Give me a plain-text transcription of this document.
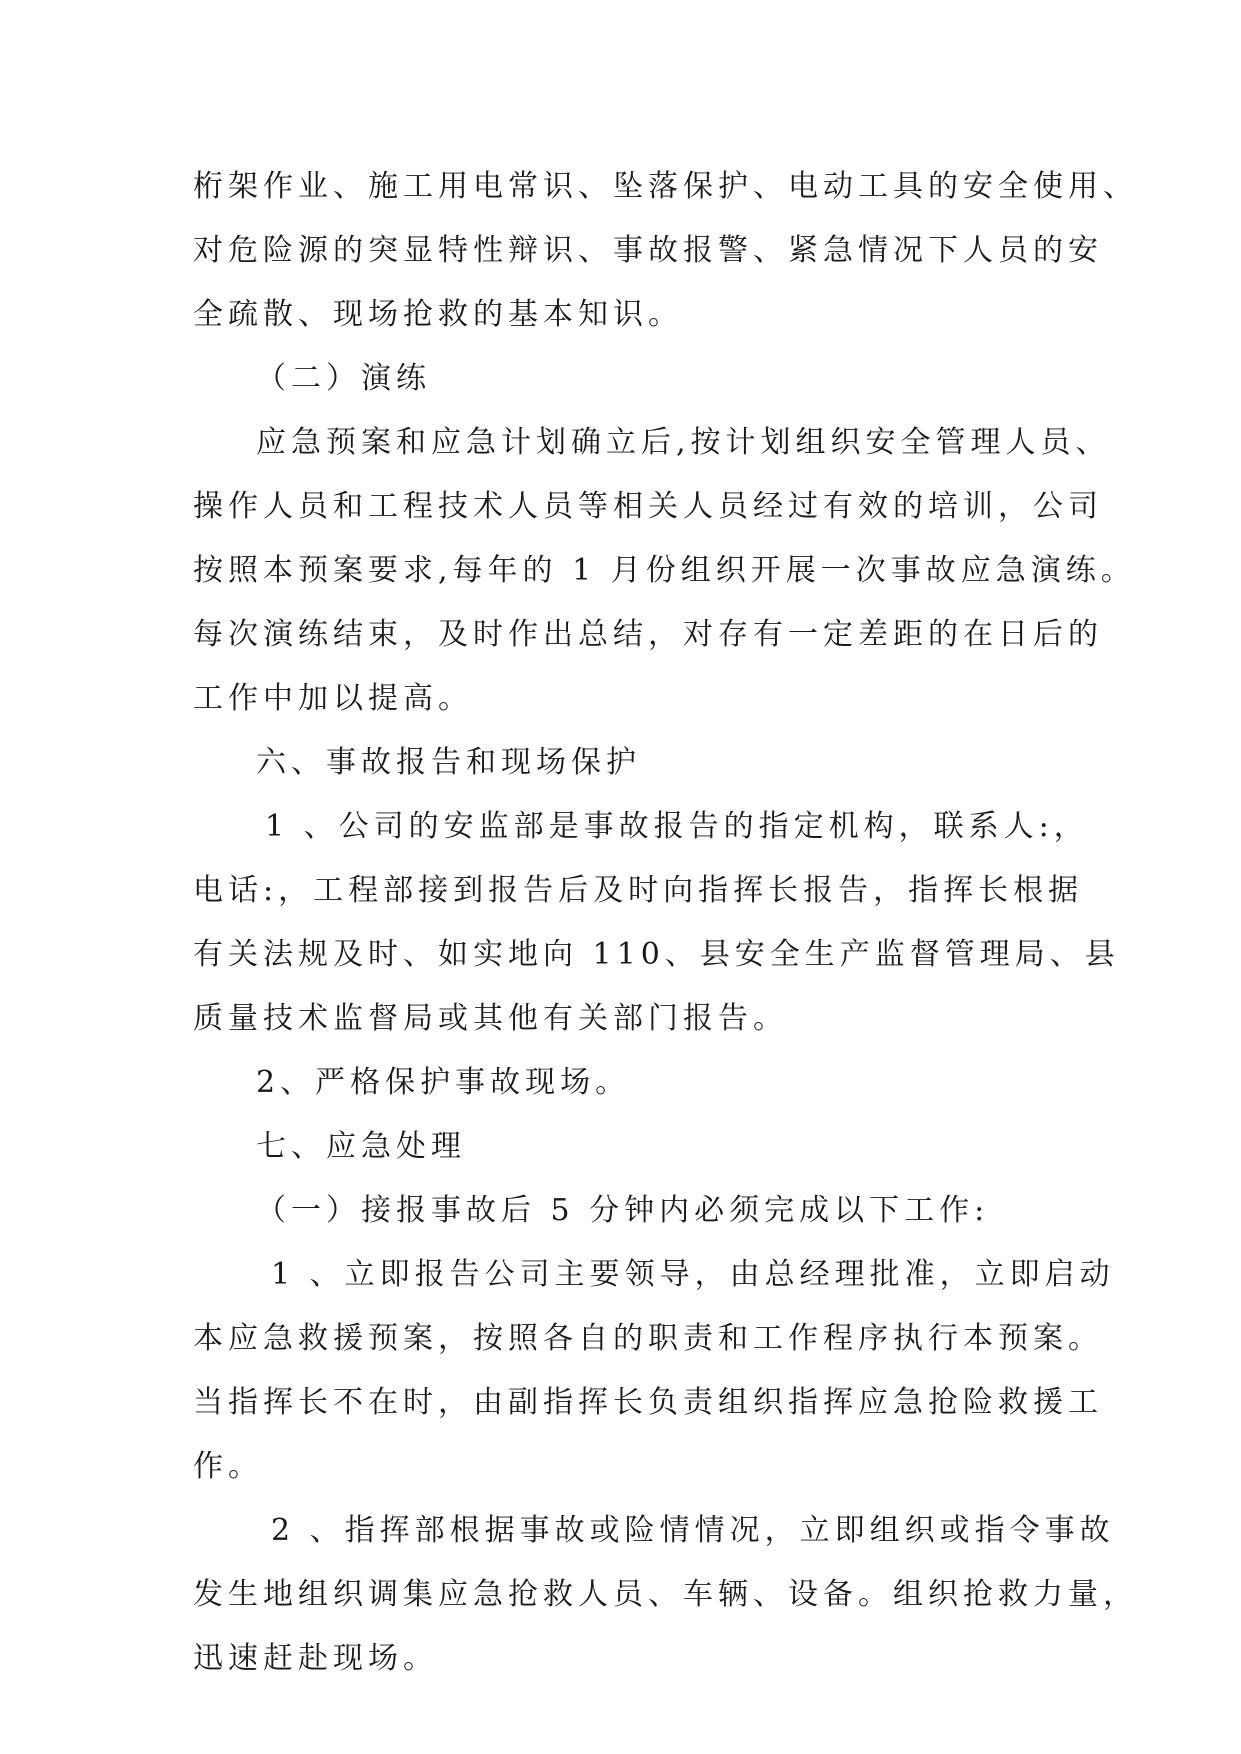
桁架作业、施工用电常识、坠落保护、电动工具的安全使用、
对危险源的突显特性辩识、事故报警、紧急情况下人员的安
全疏散、现场抢救的基本知识。
（二）演练
应急预案和应急计划确立后,按计划组织安全管理人员、
操作人员和工程技术人员等相关人员经过有效的培训，公司
按照本预案要求,每年的 1 月份组织开展一次事故应急演练。
每次演练结束，及时作出总结，对存有一定差距的在日后的
工作中加以提高。
六、事故报告和现场保护
1 、公司的安监部是事故报告的指定机构，联系人:，
电话:，工程部接到报告后及时向指挥长报告，指挥长根据
有关法规及时、如实地向 110、县安全生产监督管理局、县
质量技术监督局或其他有关部门报告。
2、严格保护事故现场。
七、应急处理
（一）接报事故后 5 分钟内必须完成以下工作:
1 、立即报告公司主要领导，由总经理批准，立即启动
本应急救援预案，按照各自的职责和工作程序执行本预案。
当指挥长不在时，由副指挥长负责组织指挥应急抢险救援工
作。
2 、指挥部根据事故或险情情况，立即组织或指令事故
发生地组织调集应急抢救人员、车辆、设备。组织抢救力量，
迅速赶赴现场。
